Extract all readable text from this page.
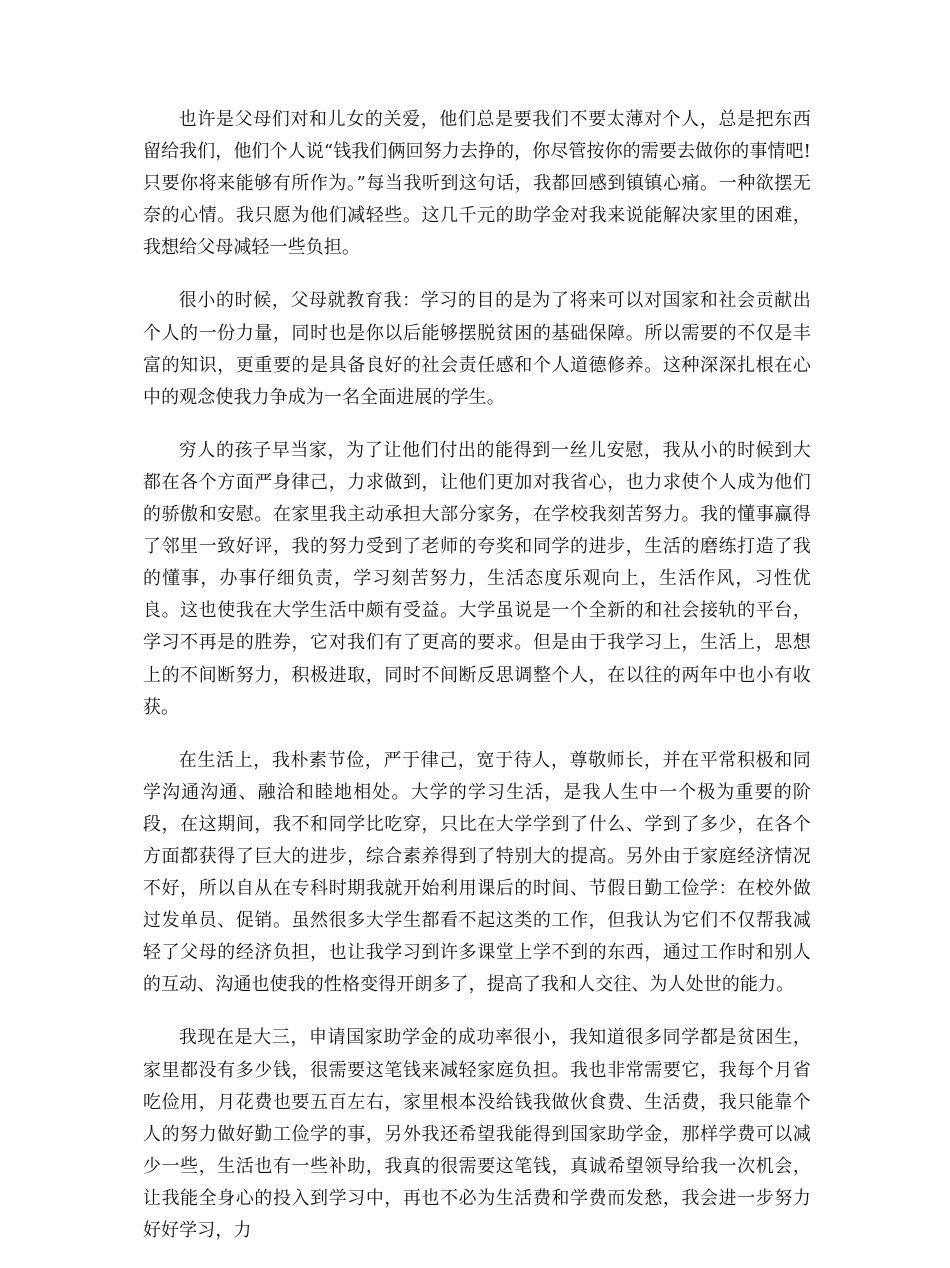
也许是父母们对和儿女的关爱，他们总是要我们不要太薄对个人，总是把东西留给我们，他们个人说“钱我们俩回努力去挣的，你尽管按你的需要去做你的事情吧!只要你将来能够有所作为。”每当我听到这句话，我都回感到镇镇心痛。一种欲摆无奈的心情。我只愿为他们减轻些。这几千元的助学金对我来说能解决家里的困难，我想给父母减轻一些负担。

很小的时候，父母就教育我：学习的目的是为了将来可以对国家和社会贡献出个人的一份力量，同时也是你以后能够摆脱贫困的基础保障。所以需要的不仅是丰富的知识，更重要的是具备良好的社会责任感和个人道德修养。这种深深扎根在心中的观念使我力争成为一名全面进展的学生。

穷人的孩子早当家，为了让他们付出的能得到一丝儿安慰，我从小的时候到大都在各个方面严身律己，力求做到，让他们更加对我省心，也力求使个人成为他们的骄傲和安慰。在家里我主动承担大部分家务，在学校我刻苦努力。我的懂事赢得了邻里一致好评，我的努力受到了老师的夸奖和同学的进步，生活的磨练打造了我的懂事，办事仔细负责，学习刻苦努力，生活态度乐观向上，生活作风，习性优良。这也使我在大学生活中颇有受益。大学虽说是一个全新的和社会接轨的平台，学习不再是的胜券，它对我们有了更高的要求。但是由于我学习上，生活上，思想上的不间断努力，积极进取，同时不间断反思调整个人，在以往的两年中也小有收获。

在生活上，我朴素节俭，严于律己，宽于待人，尊敬师长，并在平常积极和同学沟通沟通、融洽和睦地相处。大学的学习生活，是我人生中一个极为重要的阶段，在这期间，我不和同学比吃穿，只比在大学学到了什么、学到了多少，在各个方面都获得了巨大的进步，综合素养得到了特别大的提高。另外由于家庭经济情况不好，所以自从在专科时期我就开始利用课后的时间、节假日勤工俭学：在校外做过发单员、促销。虽然很多大学生都看不起这类的工作，但我认为它们不仅帮我减轻了父母的经济负担，也让我学习到许多课堂上学不到的东西，通过工作时和别人的互动、沟通也使我的性格变得开朗多了，提高了我和人交往、为人处世的能力。

我现在是大三，申请国家助学金的成功率很小，我知道很多同学都是贫困生，家里都没有多少钱，很需要这笔钱来减轻家庭负担。我也非常需要它，我每个月省吃俭用，月花费也要五百左右，家里根本没给钱我做伙食费、生活费，我只能靠个人的努力做好勤工俭学的事，另外我还希望我能得到国家助学金，那样学费可以减少一些，生活也有一些补助，我真的很需要这笔钱，真诚希望领导给我一次机会，让我能全身心的投入到学习中，再也不必为生活费和学费而发愁，我会进一步努力好好学习，力
